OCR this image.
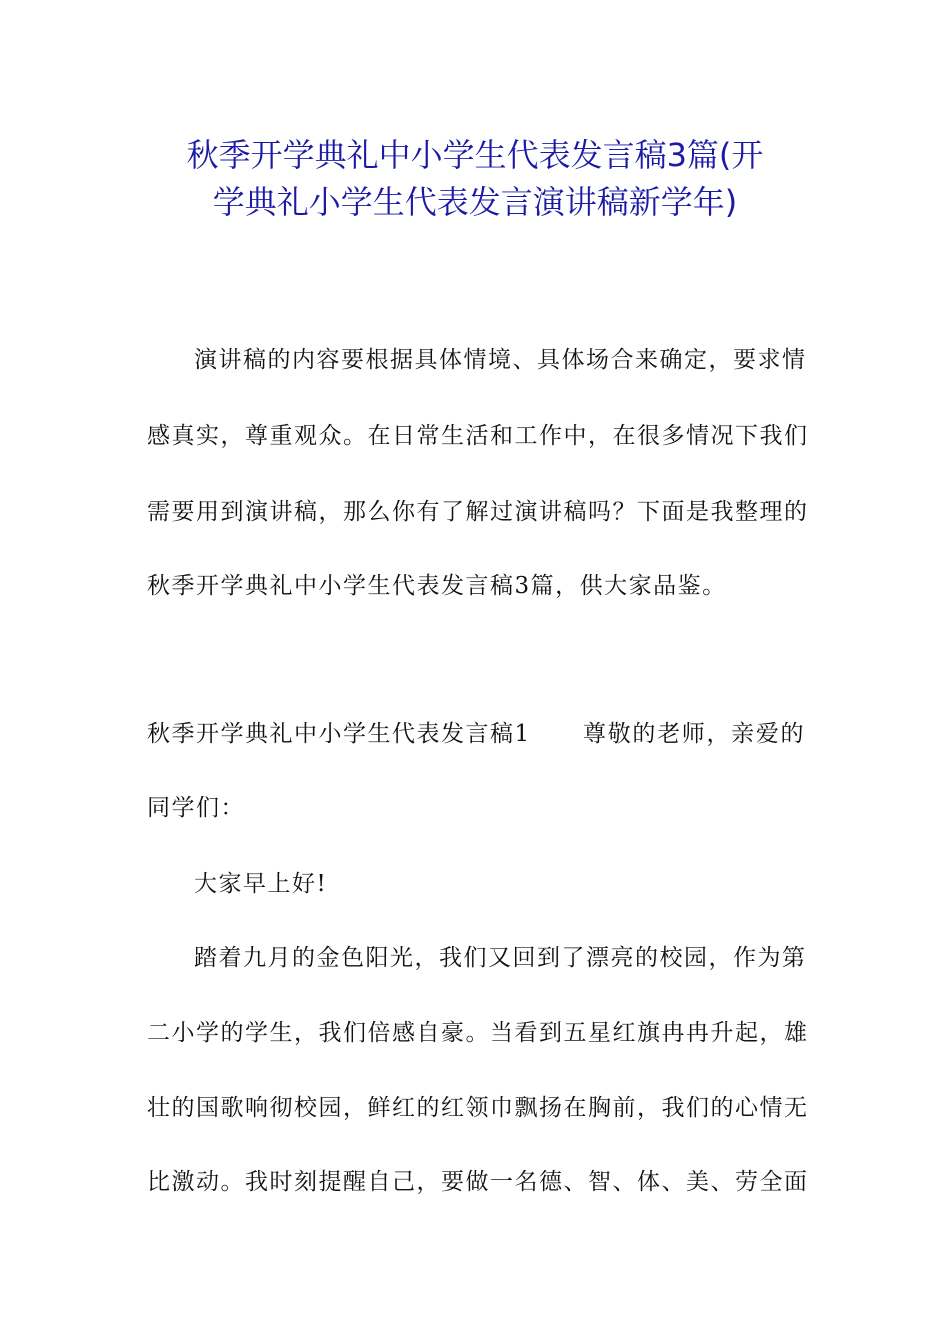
秋季开学典礼中小学生代表发言稿3篇(开
学典礼小学生代表发言演讲稿新学年)
演讲稿的内容要根据具体情境、具体场合来确定，要求情
感真实，尊重观众。在日常生活和工作中，在很多情况下我们
需要用到演讲稿，那么你有了解过演讲稿吗？下面是我整理的
秋季开学典礼中小学生代表发言稿3篇，供大家品鉴。
秋季开学典礼中小学生代表发言稿1 尊敬的老师，亲爱的
同学们：
大家早上好!
踏着九月的金色阳光，我们又回到了漂亮的校园，作为第
二小学的学生，我们倍感自豪。当看到五星红旗冉冉升起，雄
壮的国歌响彻校园，鲜红的红领巾飘扬在胸前，我们的心情无
比激动。我时刻提醒自己，要做一名德、智、体、美、劳全面
